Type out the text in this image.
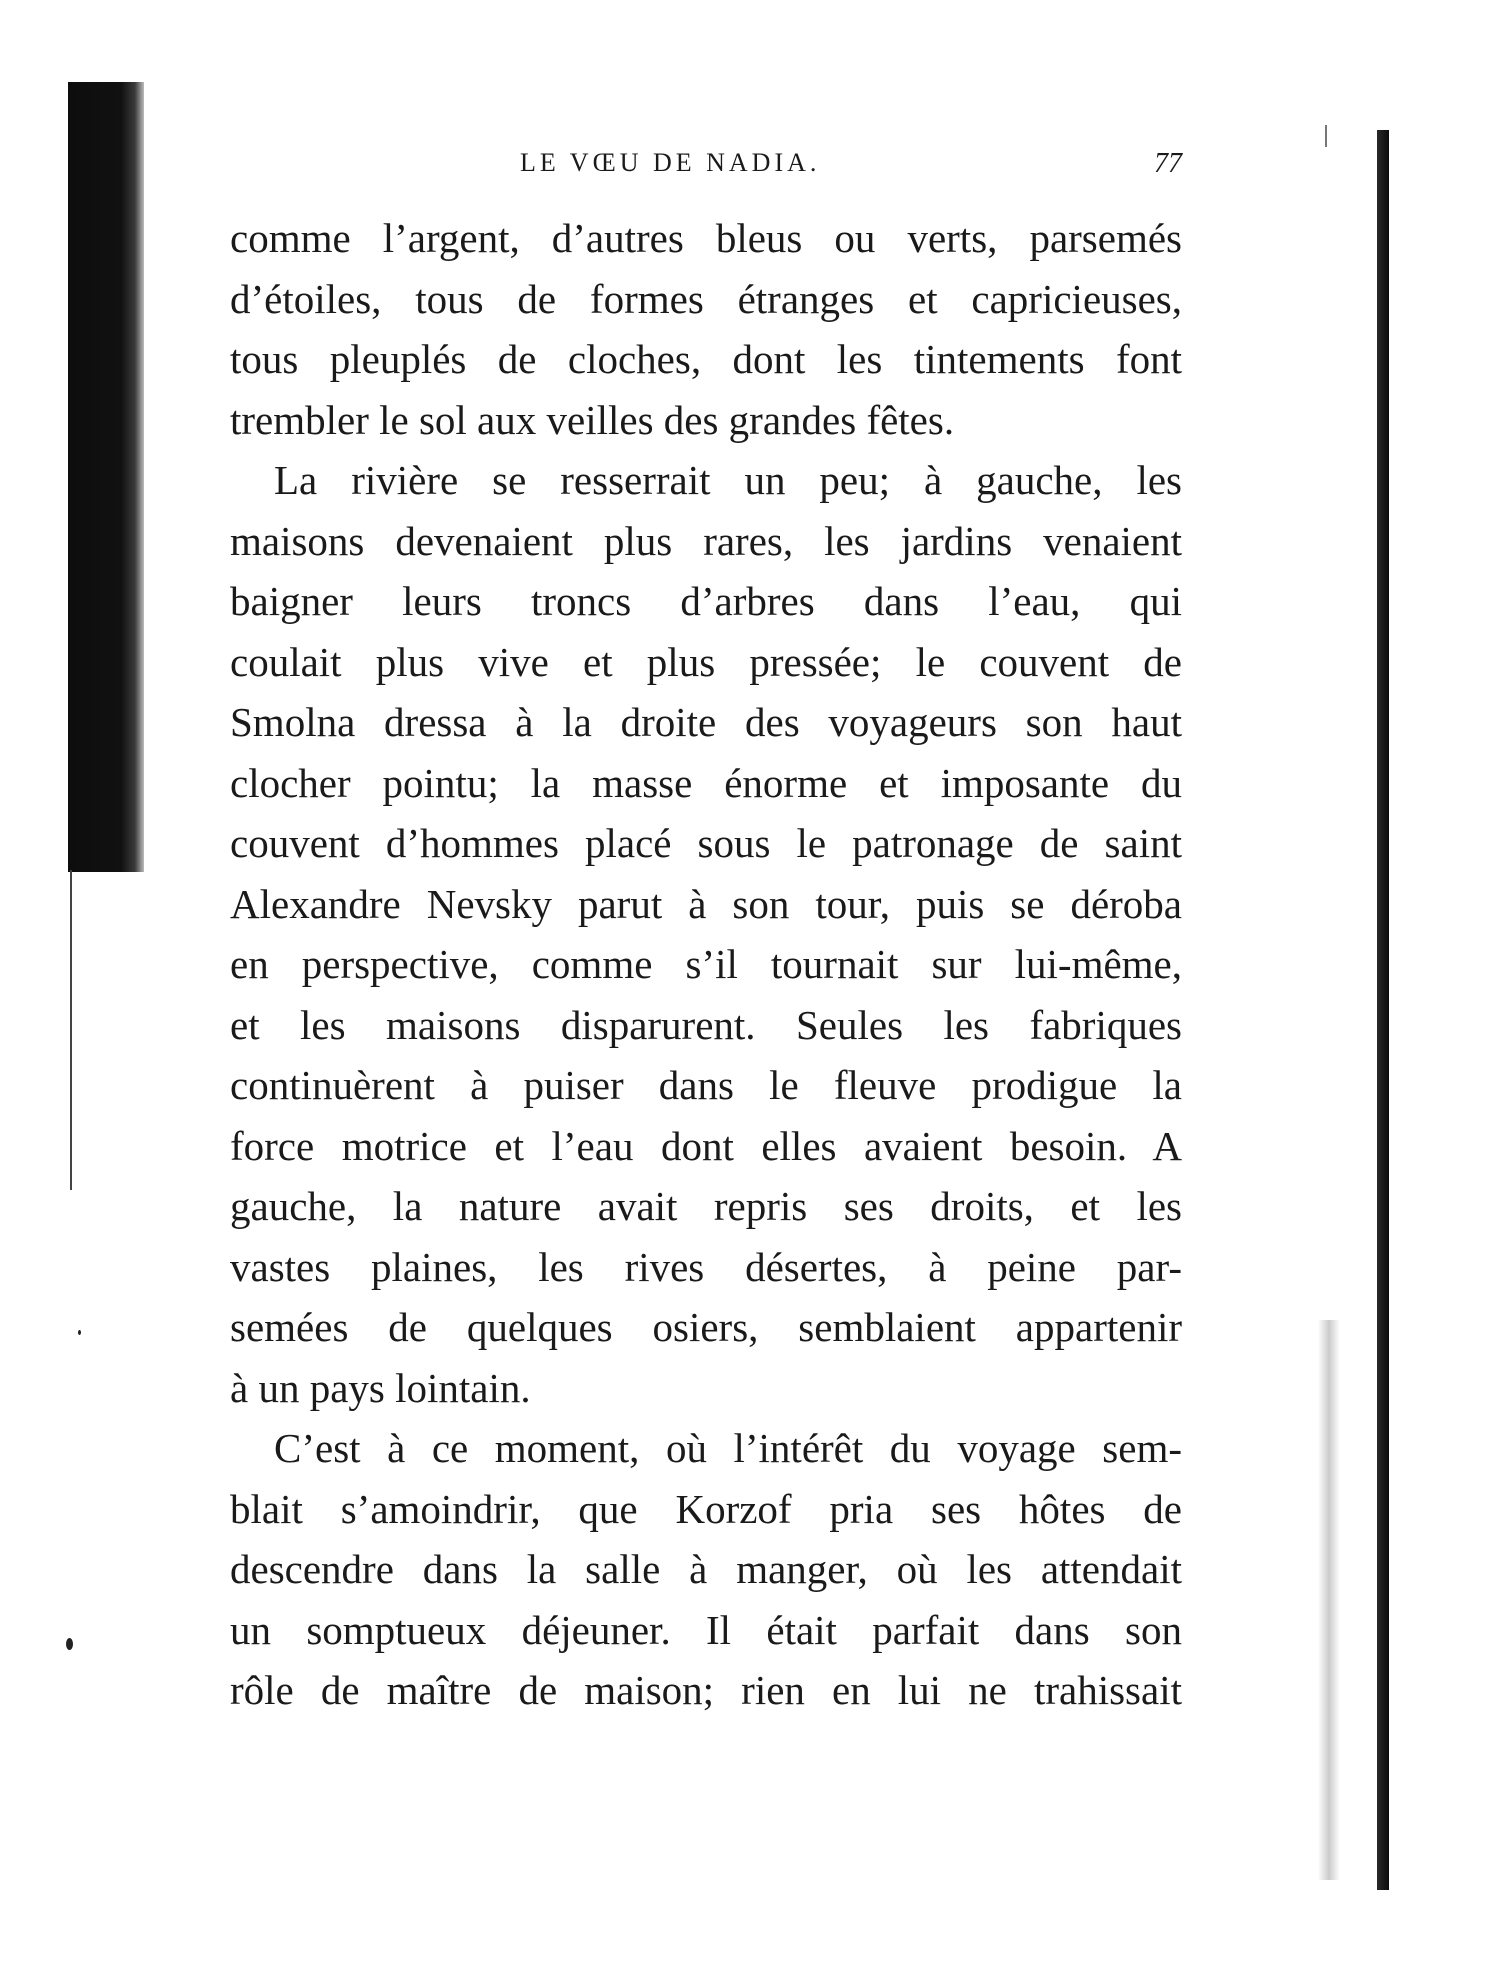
LE VŒU DE NADIA.	77
comme l’argent, d’autres bleus ou verts, parsemés
d’étoiles, tous de formes étranges et capricieuses,
tous pleuplés de cloches, dont les tintements font
trembler le sol aux veilles des grandes fêtes.
La rivière se resserrait un peu; à gauche, les
maisons devenaient plus rares, les jardins venaient
baigner leurs troncs d’arbres dans l’eau, qui
coulait plus vive et plus pressée; le couvent de
Smolna dressa à la droite des voyageurs son haut
clocher pointu; la masse énorme et imposante du
couvent d’hommes placé sous le patronage de saint
Alexandre Nevsky parut à son tour, puis se déroba
en perspective, comme s’il tournait sur lui-même,
et les maisons disparurent. Seules les fabriques
continuèrent à puiser dans le fleuve prodigue la
force motrice et l’eau dont elles avaient besoin. A
gauche, la nature avait repris ses droits, et les
vastes plaines, les rives désertes, à peine par-
semées de quelques osiers, semblaient appartenir
à un pays lointain.
C’est à ce moment, où l’intérêt du voyage sem-
blait s’amoindrir, que Korzof pria ses hôtes de
descendre dans la salle à manger, où les attendait
un somptueux déjeuner. Il était parfait dans son
rôle de maître de maison; rien en lui ne trahissait
